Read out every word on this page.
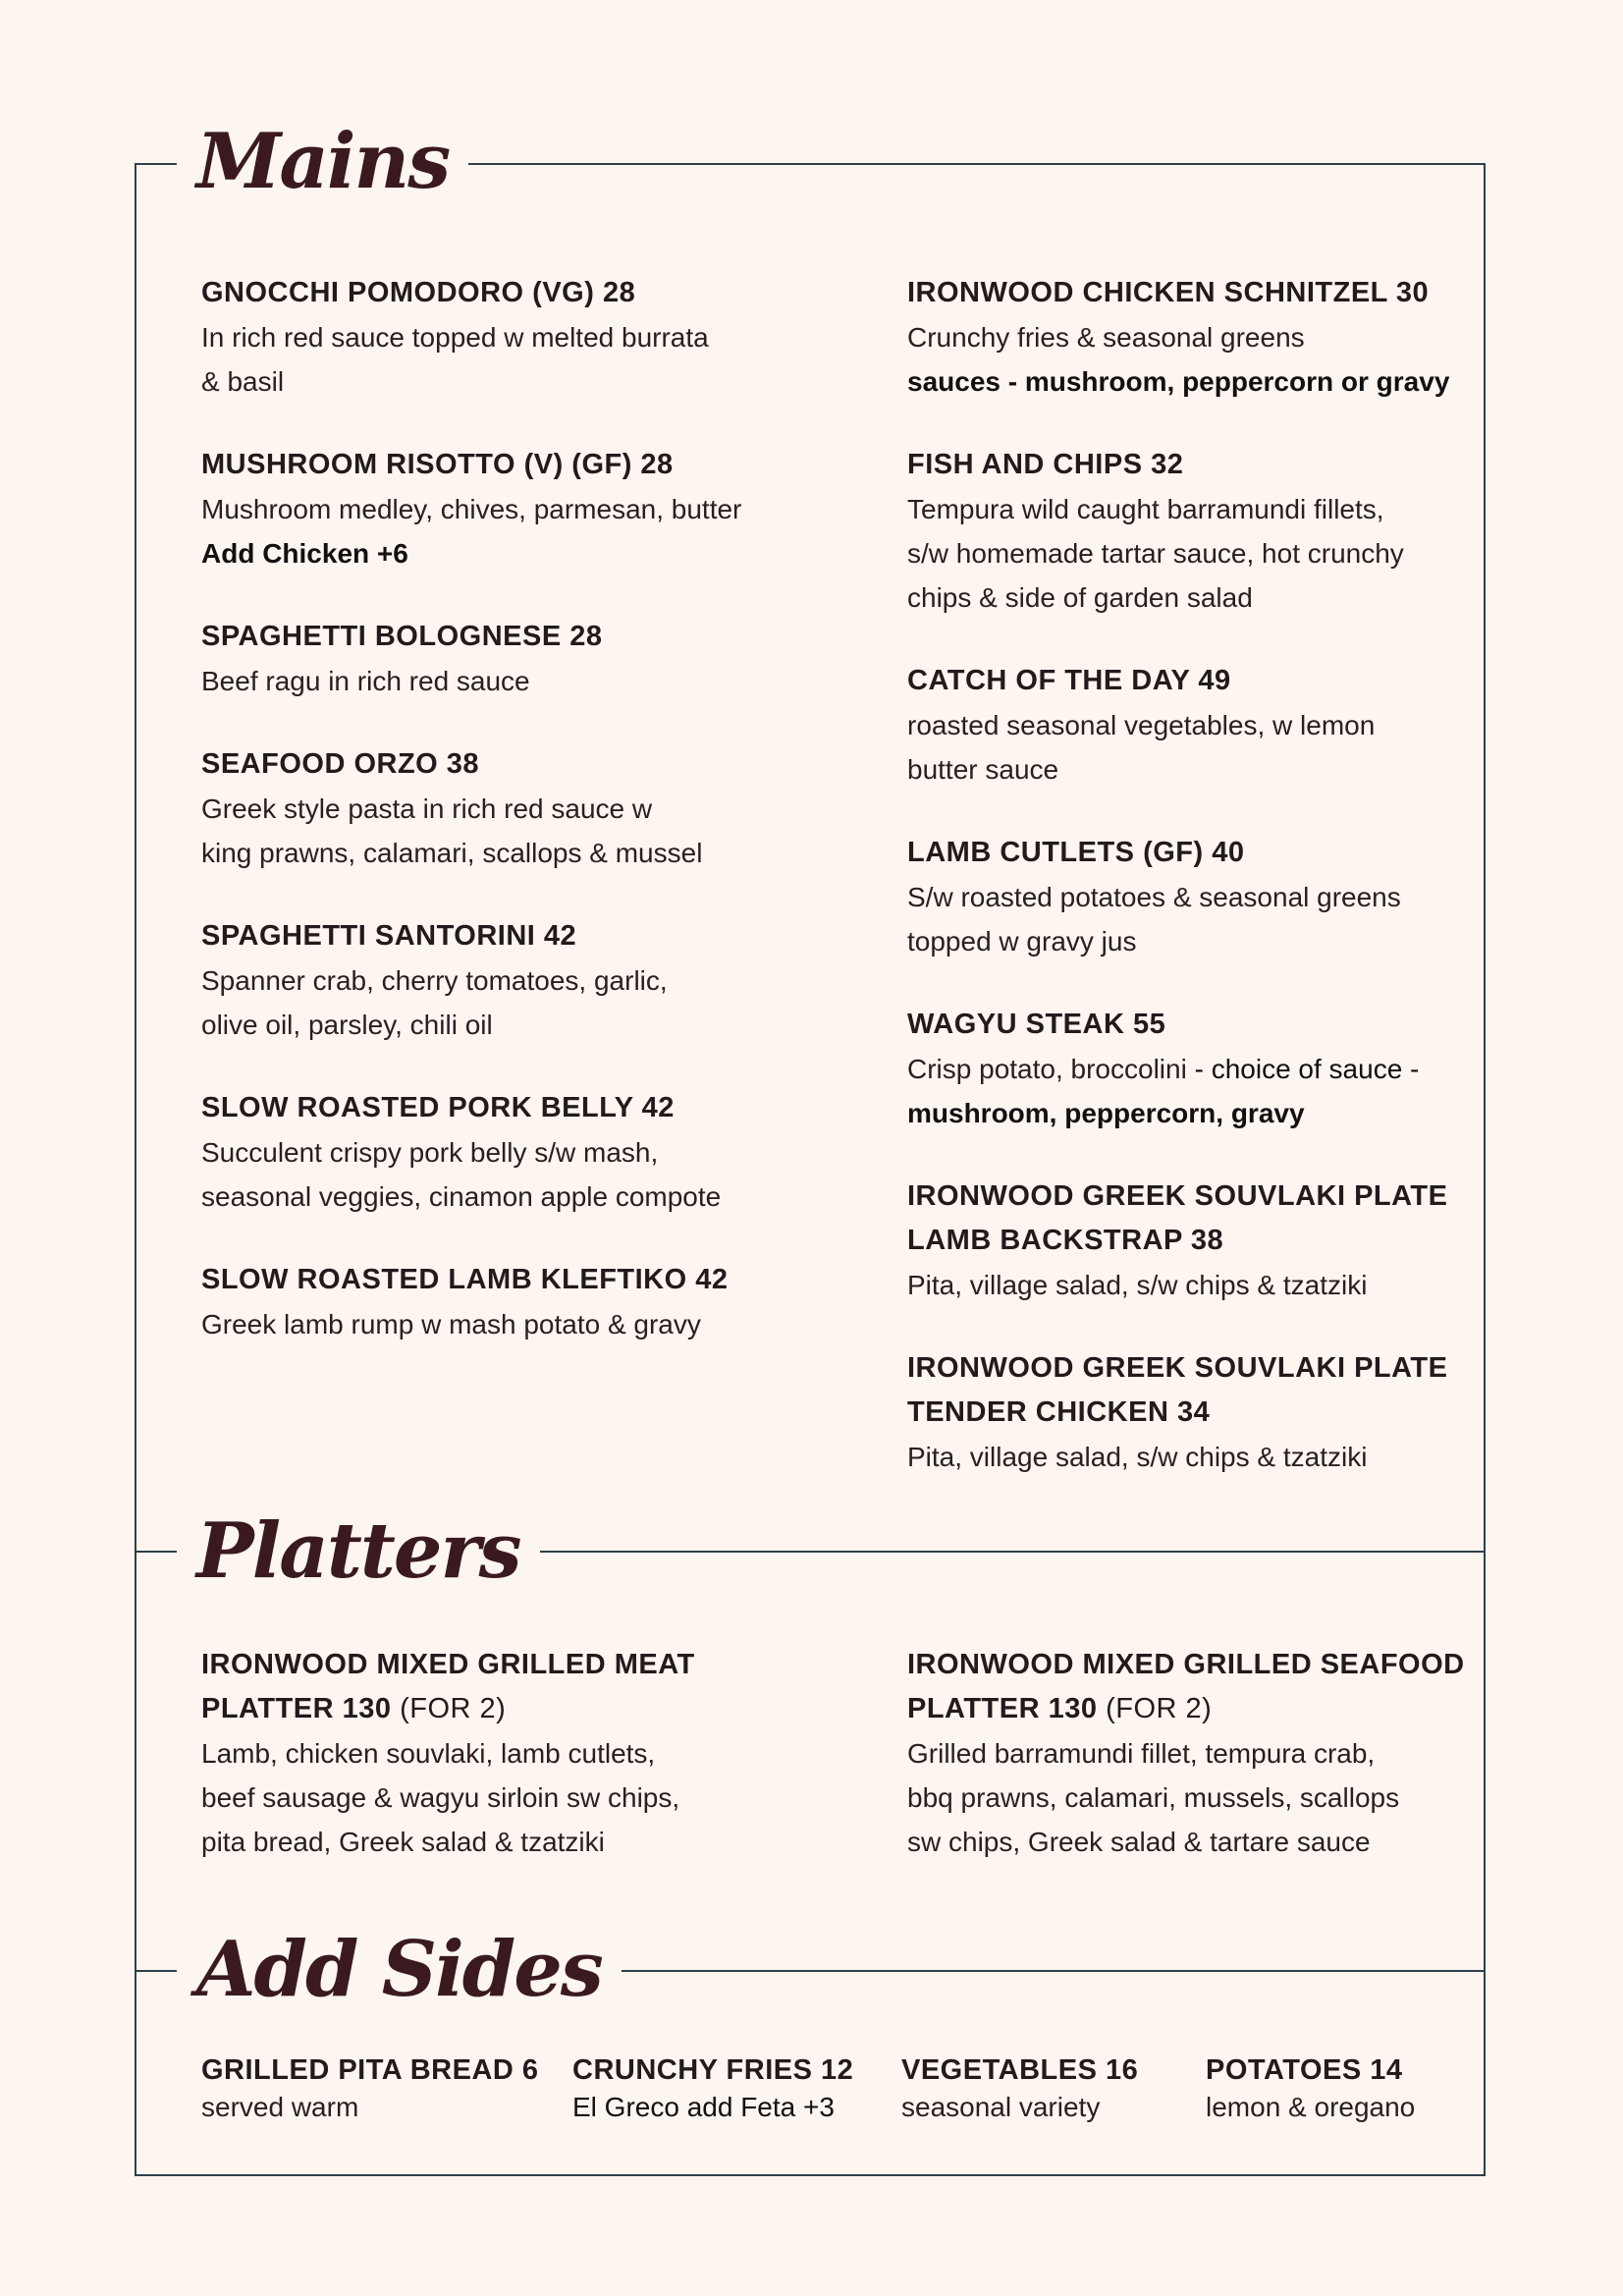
Mains
Platters
Add Sides
GNOCCHI POMODORO (VG) 28
In rich red sauce topped w melted burrata
& basil
MUSHROOM RISOTTO (V) (GF) 28
Mushroom medley, chives, parmesan, butter
Add Chicken +6
SPAGHETTI BOLOGNESE 28
Beef ragu in rich red sauce
SEAFOOD ORZO 38
Greek style pasta in rich red sauce w
king prawns, calamari, scallops & mussel
SPAGHETTI SANTORINI 42
Spanner crab, cherry tomatoes, garlic,
olive oil, parsley, chili oil
SLOW ROASTED PORK BELLY 42
Succulent crispy pork belly s/w mash,
seasonal veggies, cinamon apple compote
SLOW ROASTED LAMB KLEFTIKO 42
Greek lamb rump w mash potato & gravy
IRONWOOD CHICKEN SCHNITZEL 30
Crunchy fries & seasonal greens
sauces - mushroom, peppercorn or gravy
FISH AND CHIPS 32
Tempura wild caught barramundi fillets,
s/w homemade tartar sauce, hot crunchy
chips & side of garden salad
CATCH OF THE DAY 49
roasted seasonal vegetables, w lemon
butter sauce
LAMB CUTLETS (GF) 40
S/w roasted potatoes & seasonal greens
topped w gravy jus
WAGYU STEAK 55
Crisp potato, broccolini - choice of sauce -
mushroom, peppercorn, gravy
IRONWOOD GREEK SOUVLAKI PLATE
LAMB BACKSTRAP 38
Pita, village salad, s/w chips & tzatziki
IRONWOOD GREEK SOUVLAKI PLATE
TENDER CHICKEN 34
Pita, village salad, s/w chips & tzatziki
IRONWOOD MIXED GRILLED MEAT
PLATTER 130 (FOR 2)
Lamb, chicken souvlaki, lamb cutlets,
beef sausage & wagyu sirloin sw chips,
pita bread, Greek salad & tzatziki
IRONWOOD MIXED GRILLED SEAFOOD
PLATTER 130 (FOR 2)
Grilled barramundi fillet, tempura crab,
bbq prawns, calamari, mussels, scallops
sw chips, Greek salad & tartare sauce
GRILLED PITA BREAD 6
served warm
CRUNCHY FRIES 12
El Greco add Feta +3
VEGETABLES 16
seasonal variety
POTATOES 14
lemon & oregano
